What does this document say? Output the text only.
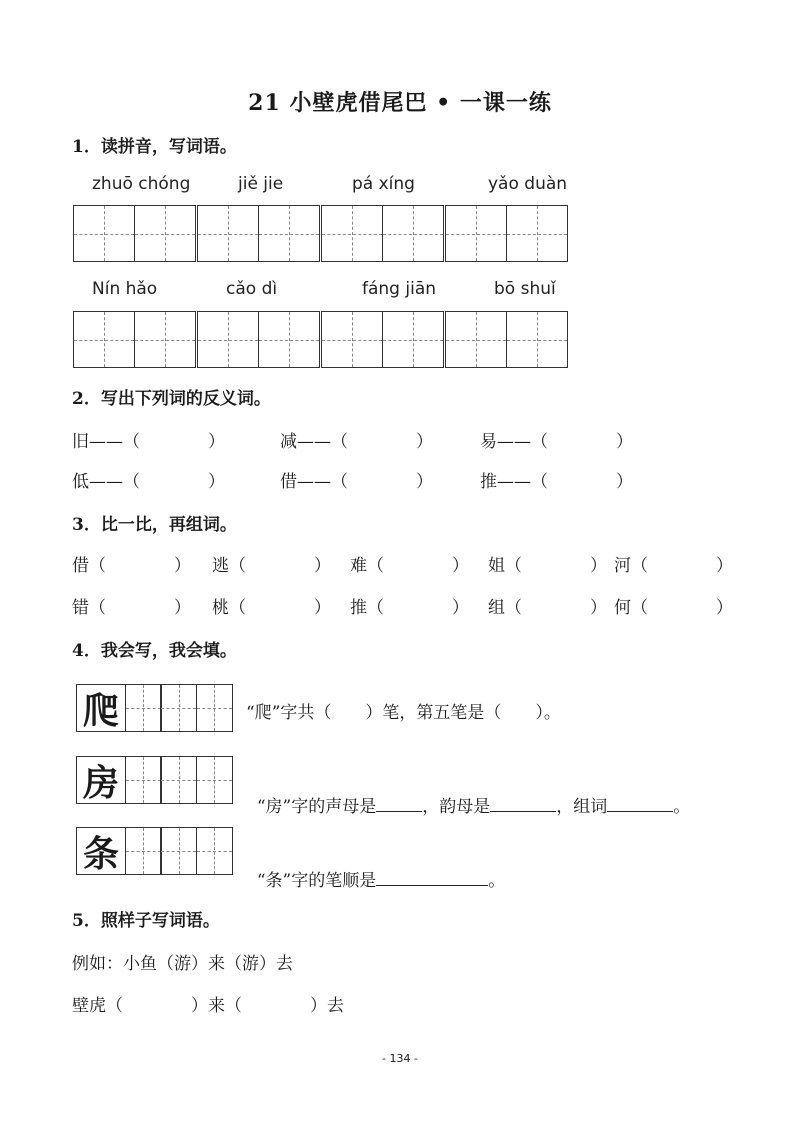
21 小壁虎借尾巴 • 一课一练
1．读拼音，写词语。
zhuō chóng	jiě jie	pá xíng	yǎo duàn
Nín hǎo	cǎo dì	fáng jiān	bō shuǐ
2．写出下列词的反义词。
旧——（　　　　）	减——（　　　　）	易——（　　　　）
低——（　　　　）	借——（　　　　）	推——（　　　　）
3．比一比，再组词。
借（　　　　） 逃（　　　　） 难（　　　　） 姐（　　　　） 河（　　　　）
错（　　　　） 桃（　　　　） 推（　　　　） 组（　　　　） 何（　　　　）
4．我会写，我会填。
爬	“爬”字共（　　）笔，第五笔是（　　）。
房

“房”字的声母是	，韵母是	，组词	。

条

“条”字的笔顺是	。

5．照样子写词语。
例如：小鱼（游）来（游）去
壁虎（　　　　）来（　　　　）去
- 134 -
